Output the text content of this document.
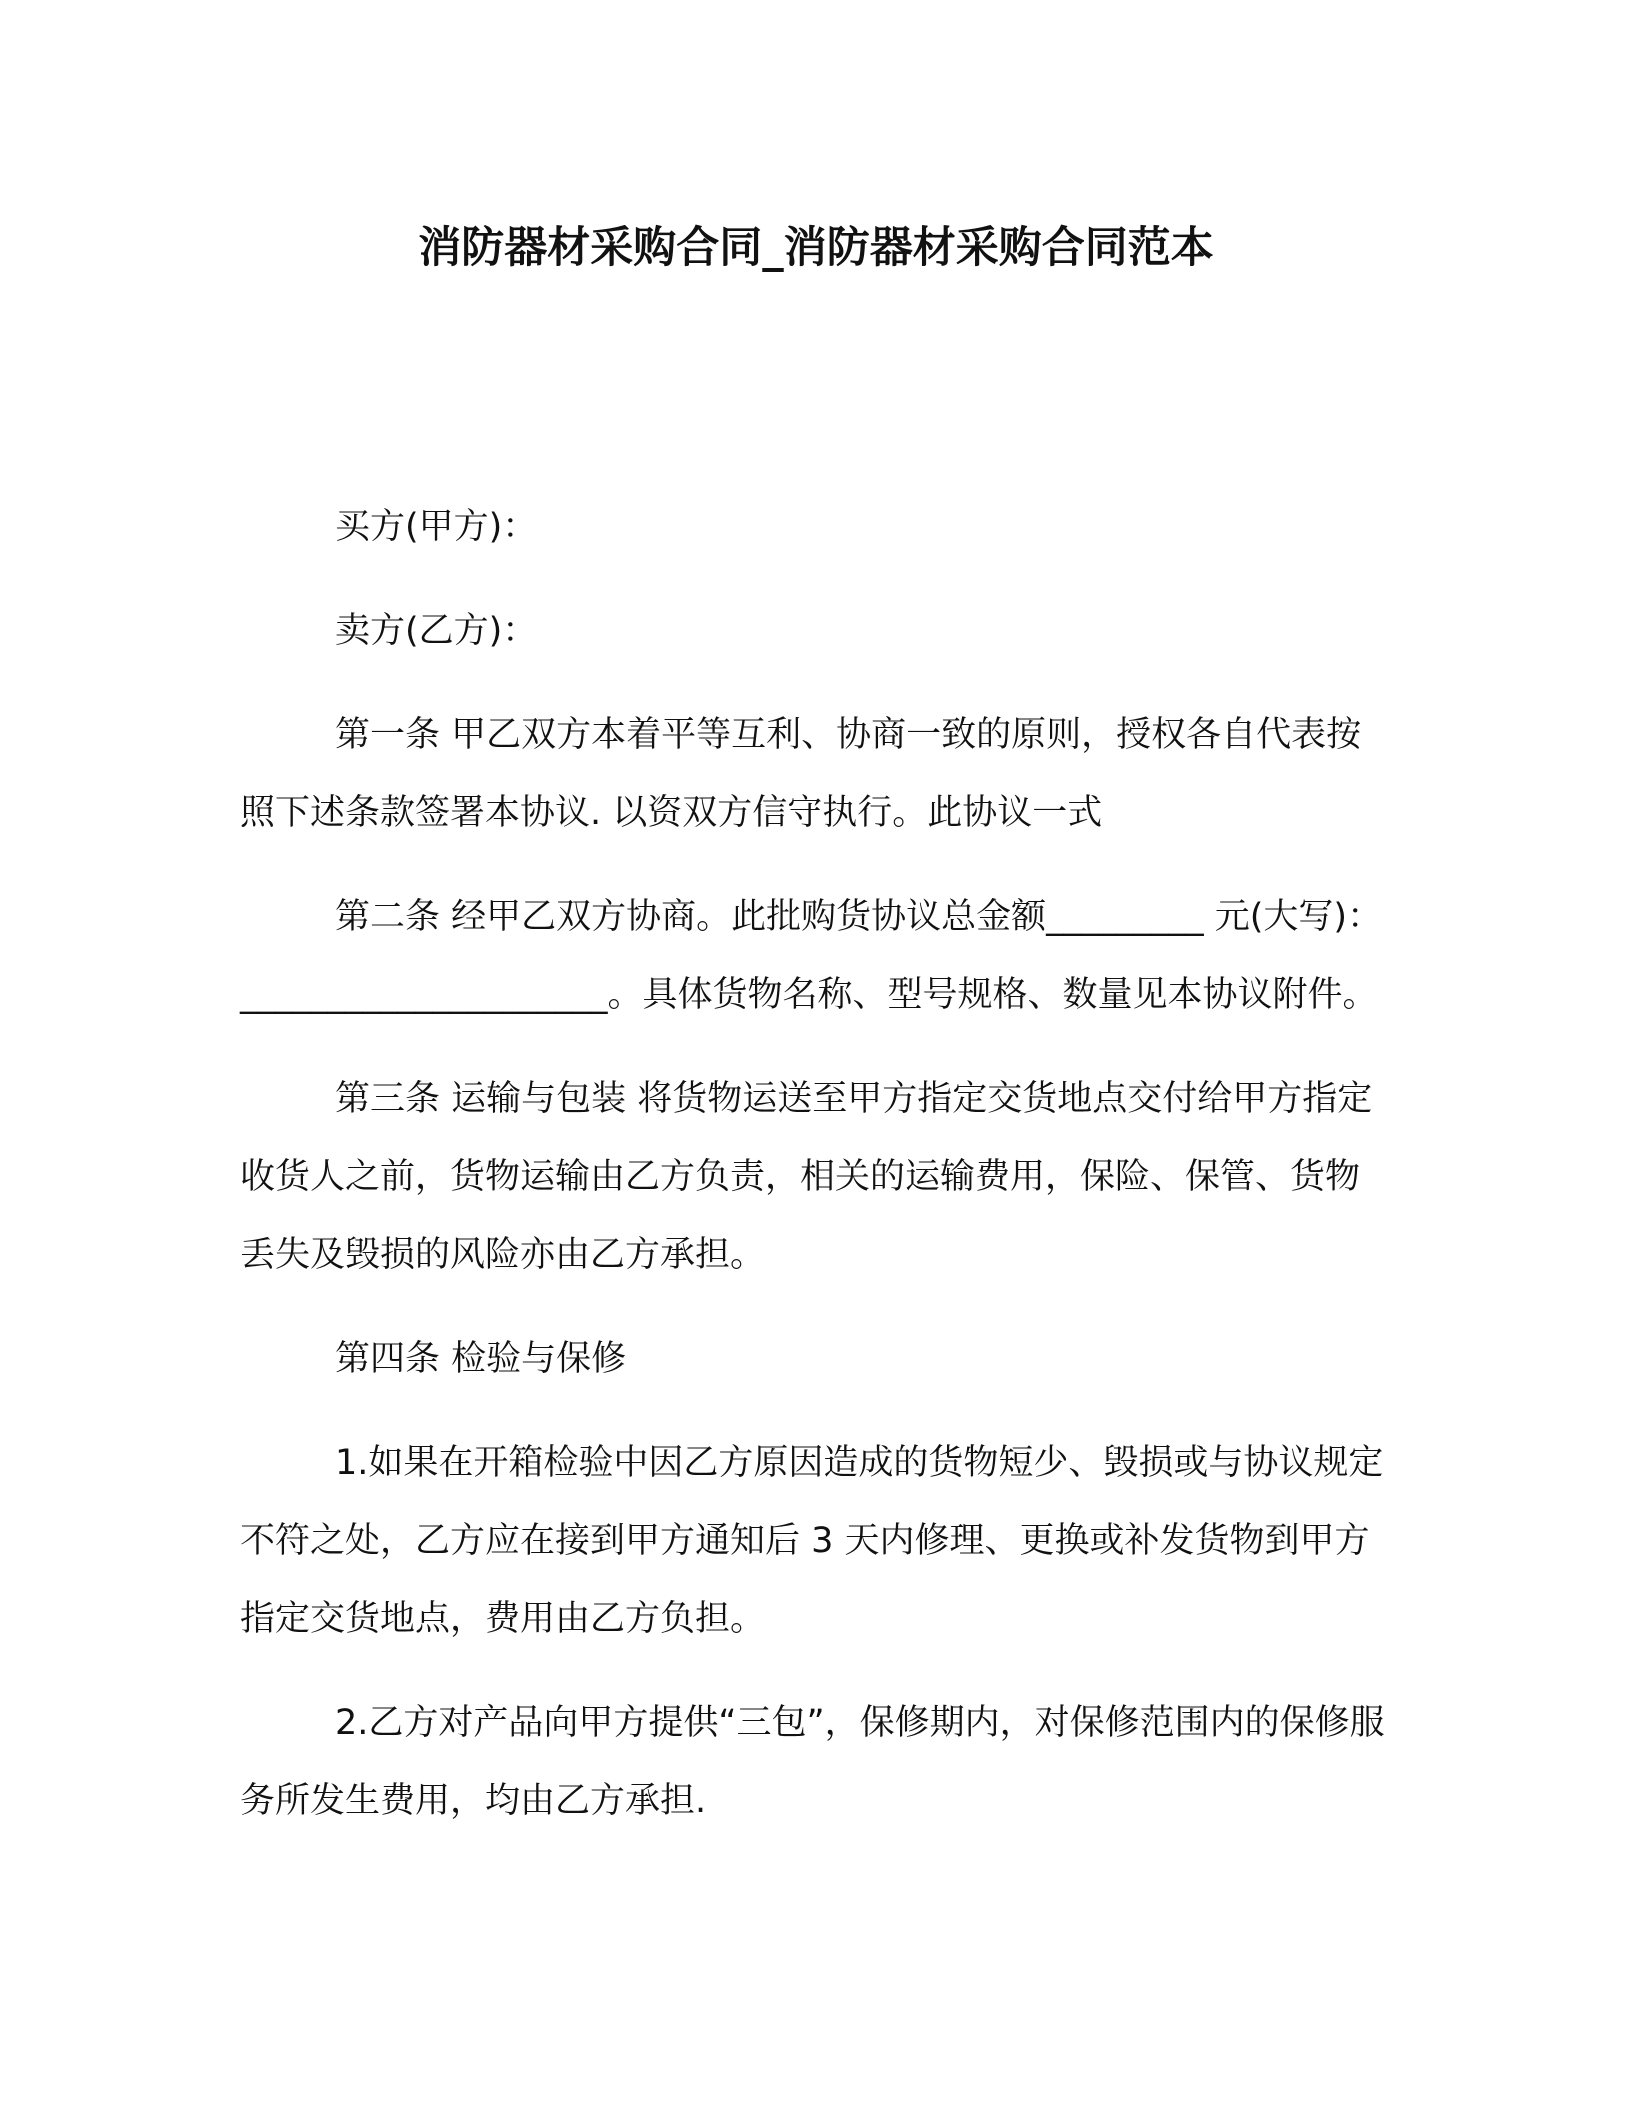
消防器材采购合同_消防器材采购合同范本

买方(甲方)：

卖方(乙方)：

第一条 甲乙双方本着平等互利、协商一致的原则，授权各自代表按照下述条款签署本协议. 以资双方信守执行。此协议一式

第二条 经甲乙双方协商。此批购货协议总金额_________ 元(大写)：_____________________。具体货物名称、型号规格、数量见本协议附件。

第三条 运输与包装 将货物运送至甲方指定交货地点交付给甲方指定收货人之前，货物运输由乙方负责，相关的运输费用，保险、保管、货物丢失及毁损的风险亦由乙方承担。

第四条 检验与保修

1.如果在开箱检验中因乙方原因造成的货物短少、毁损或与协议规定不符之处，乙方应在接到甲方通知后 3 天内修理、更换或补发货物到甲方指定交货地点，费用由乙方负担。

2.乙方对产品向甲方提供“三包”，保修期内，对保修范围内的保修服务所发生费用，均由乙方承担.
